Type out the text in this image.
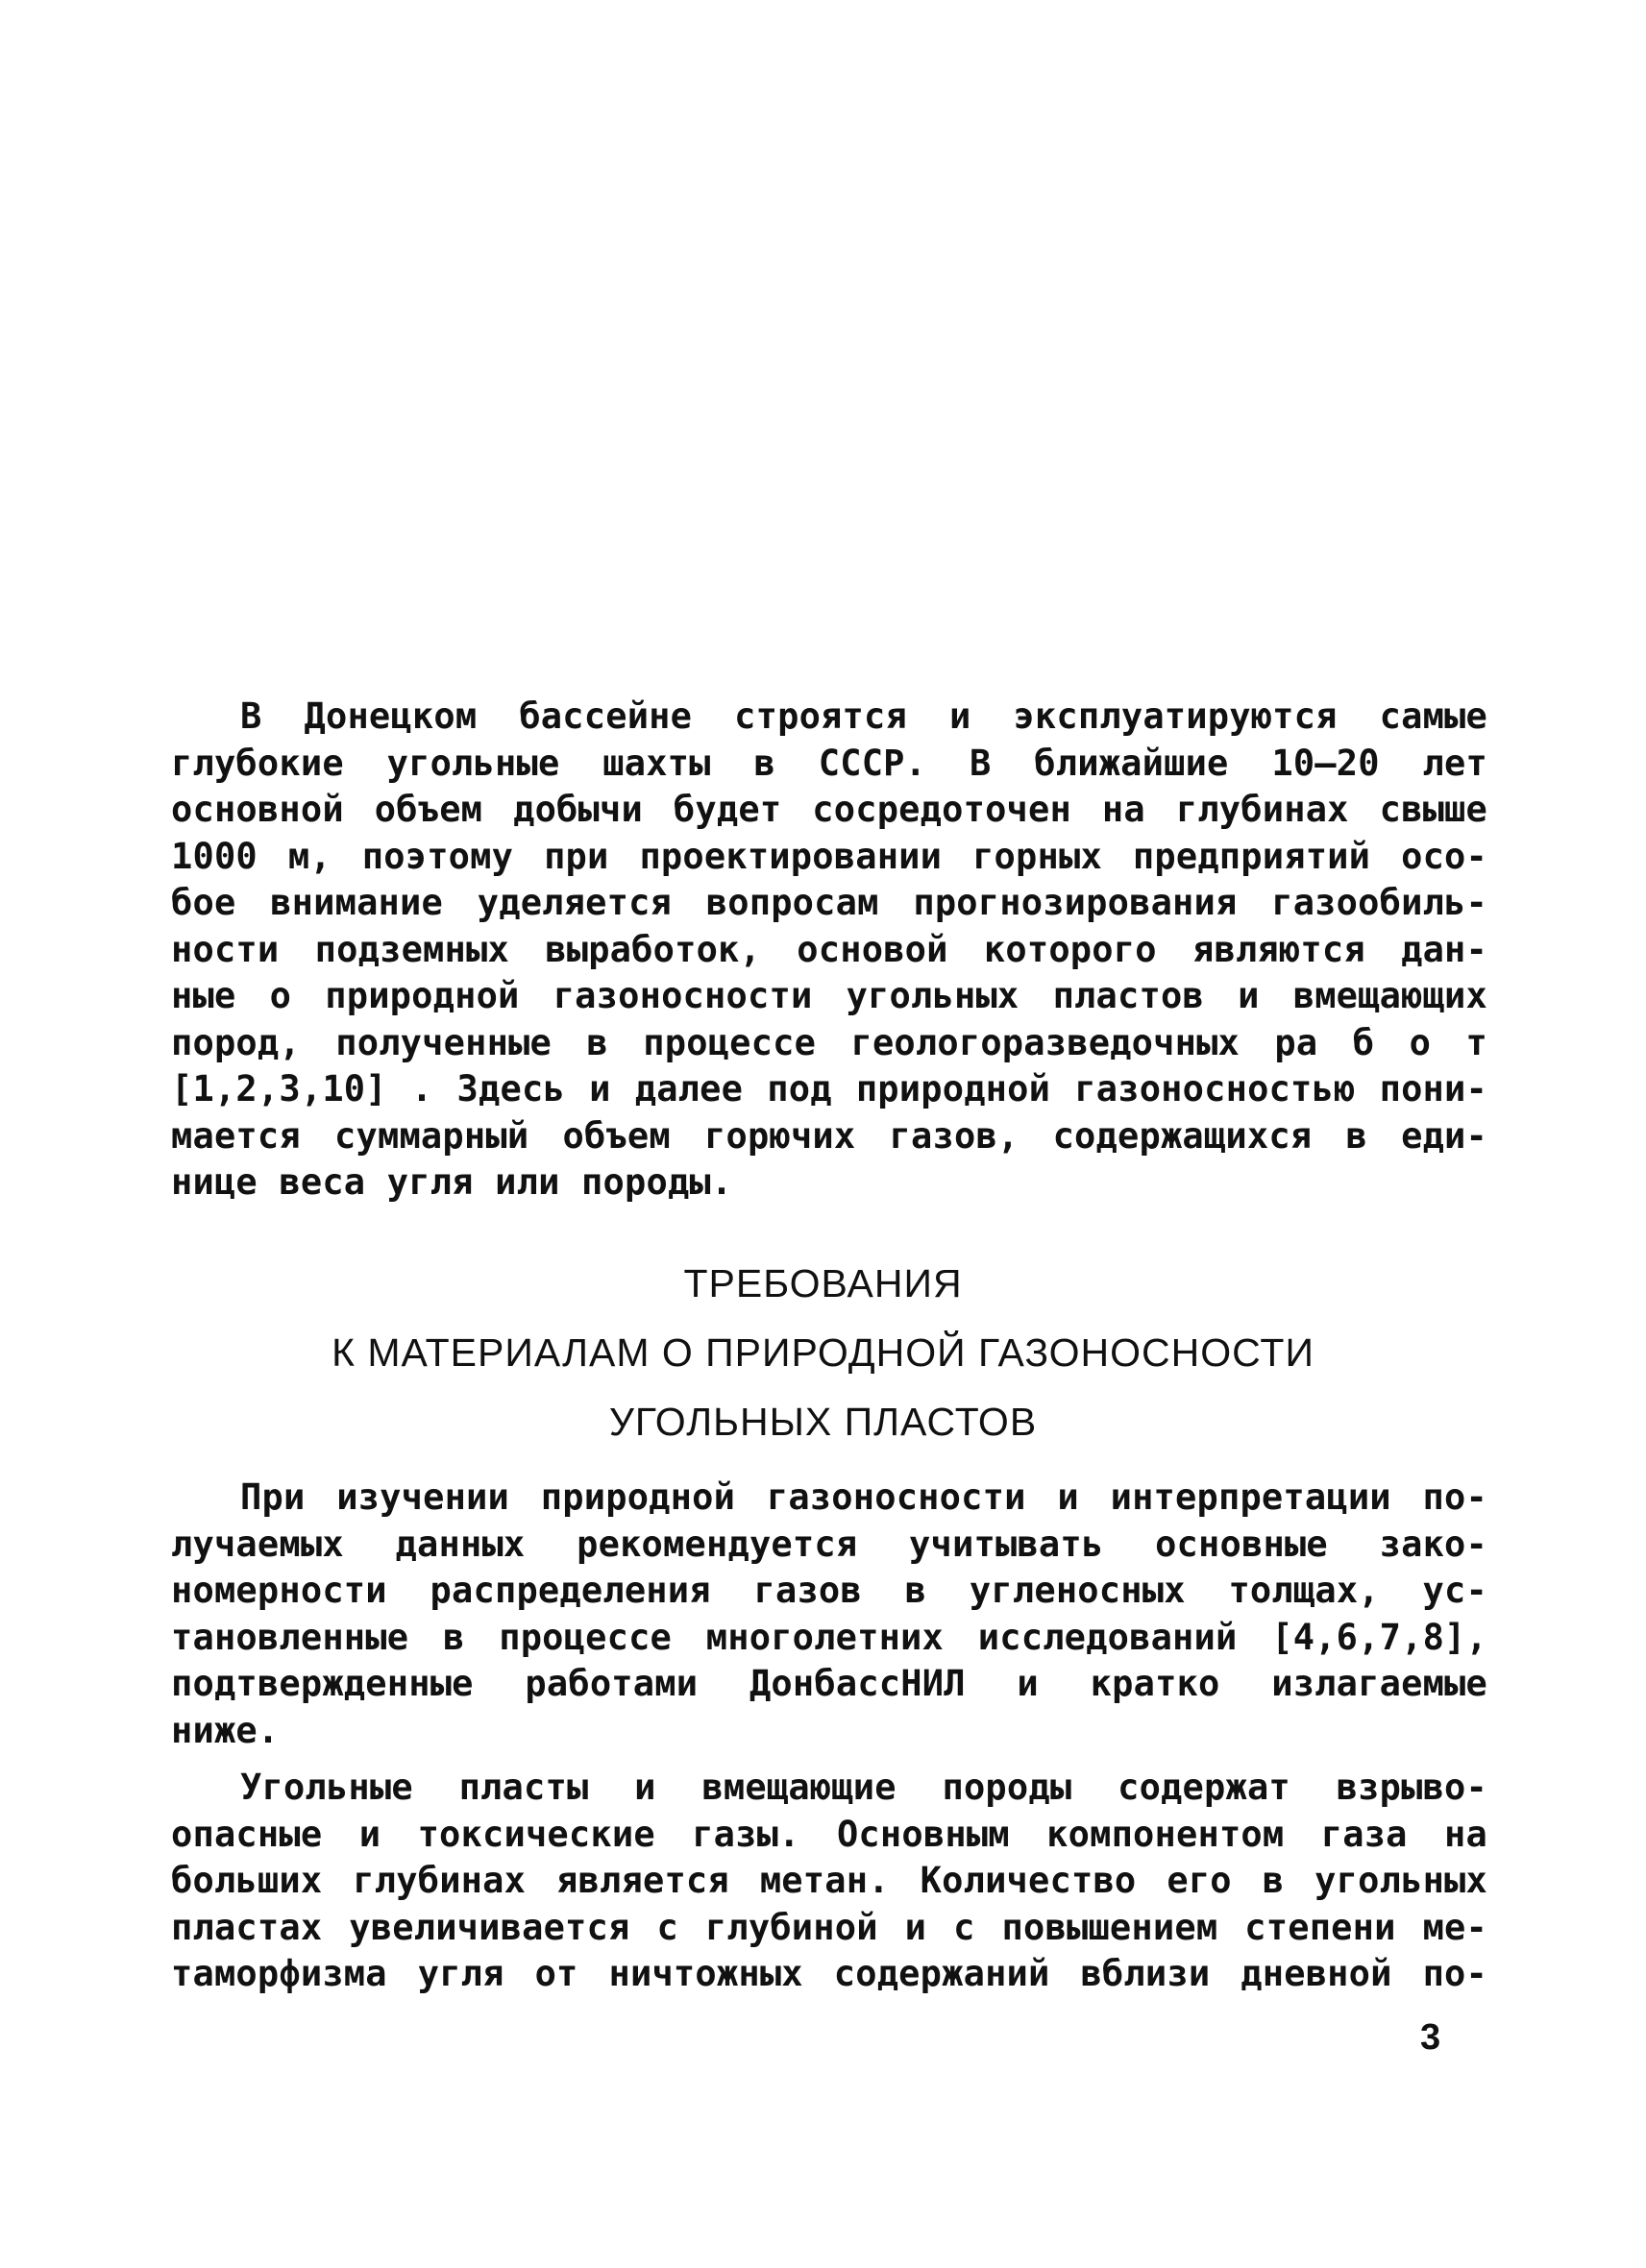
В Донецком бассейне строятся и эксплуатируются самые
глубокие угольные шахты в СССР. В ближайшие 10–20 лет
основной объем добычи будет сосредоточен на глубинах свыше
1000 м, поэтому при проектировании горных предприятий осо-
бое внимание уделяется вопросам прогнозирования газообиль-
ности подземных выработок, основой которого являются дан-
ные о природной газоносности угольных пластов и вмещающих
пород, полученные в процессе геологоразведочных ра б о т
[1,2,3,10] . Здесь и далее под природной газоносностью пони-
мается суммарный объем горючих газов, содержащихся в еди-
нице веса угля или породы.
ТРЕБОВАНИЯ
К МАТЕРИАЛАМ О ПРИРОДНОЙ ГАЗОНОСНОСТИ
УГОЛЬНЫХ ПЛАСТОВ
При изучении природной газоносности и интерпретации по-
лучаемых данных рекомендуется учитывать основные зако-
номерности распределения газов в угленосных толщах, ус-
тановленные в процессе многолетних исследований [4,6,7,8],
подтвержденные работами ДонбассНИЛ и кратко излагаемые
ниже.
Угольные пласты и вмещающие породы содержат взрыво-
опасные и токсические газы. Основным компонентом газа на
больших глубинах является метан. Количество его в угольных
пластах увеличивается с глубиной и с повышением степени ме-
таморфизма угля от ничтожных содержаний вблизи дневной по-
3
